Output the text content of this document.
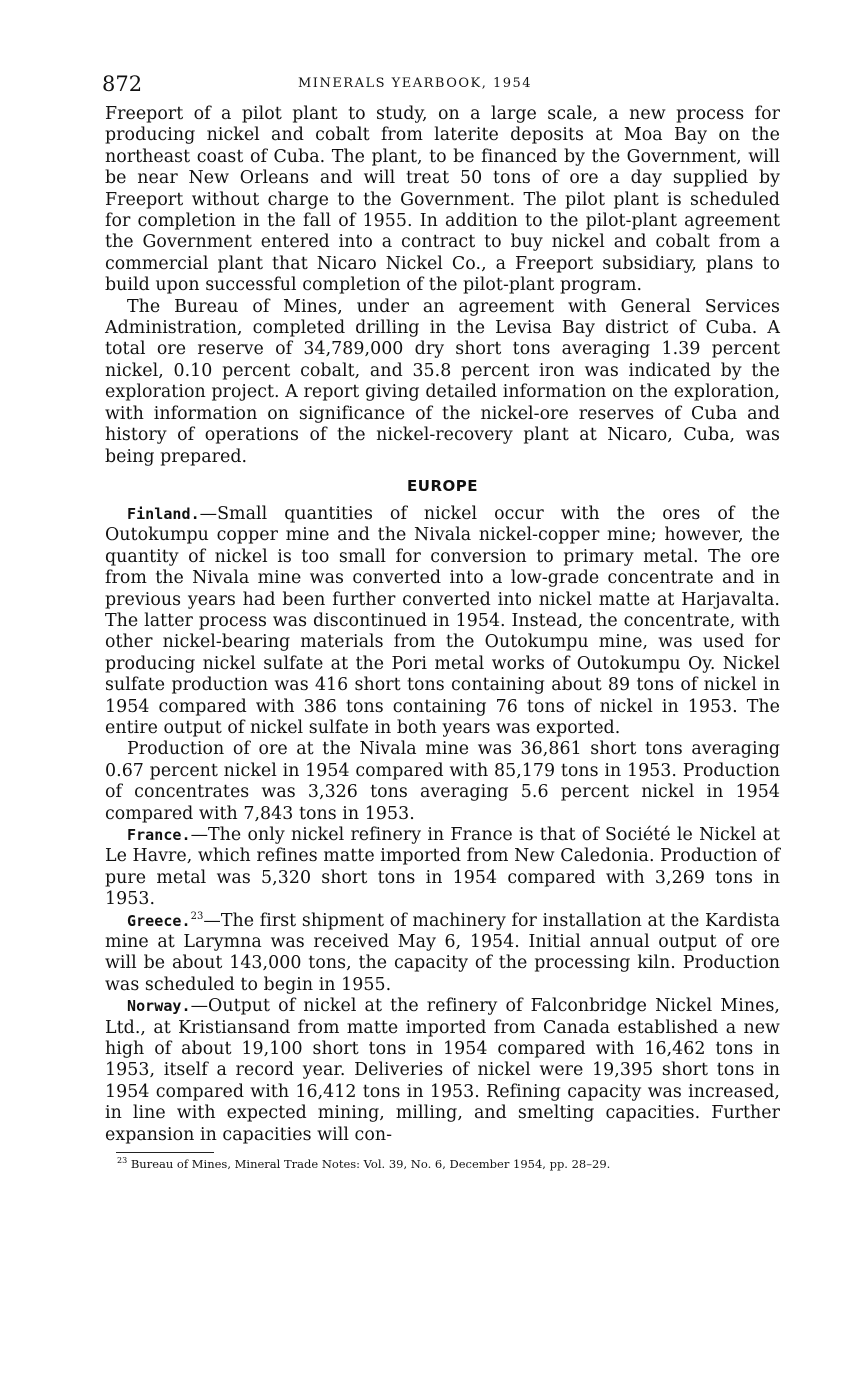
872	MINERALS YEARBOOK, 1954

Freeport of a pilot plant to study, on a large scale, a new process for producing nickel and cobalt from laterite deposits at Moa Bay on the northeast coast of Cuba. The plant, to be financed by the Government, will be near New Orleans and will treat 50 tons of ore a day supplied by Freeport without charge to the Government. The pilot plant is scheduled for completion in the fall of 1955. In addition to the pilot-plant agreement the Government entered into a contract to buy nickel and cobalt from a commercial plant that Nicaro Nickel Co., a Freeport subsidiary, plans to build upon successful completion of the pilot-plant program.

The Bureau of Mines, under an agreement with General Services Administration, completed drilling in the Levisa Bay district of Cuba. A total ore reserve of 34,789,000 dry short tons averaging 1.39 percent nickel, 0.10 percent cobalt, and 35.8 percent iron was indicated by the exploration project. A report giving detailed information on the exploration, with information on significance of the nickel-ore reserves of Cuba and history of operations of the nickel-recovery plant at Nicaro, Cuba, was being prepared.

EUROPE

Finland.—Small quantities of nickel occur with the ores of the Outokumpu copper mine and the Nivala nickel-copper mine; however, the quantity of nickel is too small for conversion to primary metal. The ore from the Nivala mine was converted into a low-grade concentrate and in previous years had been further converted into nickel matte at Harjavalta. The latter process was discontinued in 1954. Instead, the concentrate, with other nickel-bearing materials from the Outokumpu mine, was used for producing nickel sulfate at the Pori metal works of Outokumpu Oy. Nickel sulfate production was 416 short tons containing about 89 tons of nickel in 1954 compared with 386 tons containing 76 tons of nickel in 1953. The entire output of nickel sulfate in both years was exported.

Production of ore at the Nivala mine was 36,861 short tons averaging 0.67 percent nickel in 1954 compared with 85,179 tons in 1953. Production of concentrates was 3,326 tons averaging 5.6 percent nickel in 1954 compared with 7,843 tons in 1953.

France.—The only nickel refinery in France is that of Société le Nickel at Le Havre, which refines matte imported from New Caledonia. Production of pure metal was 5,320 short tons in 1954 compared with 3,269 tons in 1953.

Greece.$^{23}$—The first shipment of machinery for installation at the Kardista mine at Larymna was received May 6, 1954. Initial annual output of ore will be about 143,000 tons, the capacity of the processing kiln. Production was scheduled to begin in 1955.

Norway.—Output of nickel at the refinery of Falconbridge Nickel Mines, Ltd., at Kristiansand from matte imported from Canada established a new high of about 19,100 short tons in 1954 compared with 16,462 tons in 1953, itself a record year. Deliveries of nickel were 19,395 short tons in 1954 compared with 16,412 tons in 1953. Refining capacity was increased, in line with expected mining, milling, and smelting capacities. Further expansion in capacities will con-

$^{23}$ Bureau of Mines, Mineral Trade Notes: Vol. 39, No. 6, December 1954, pp. 28–29.
